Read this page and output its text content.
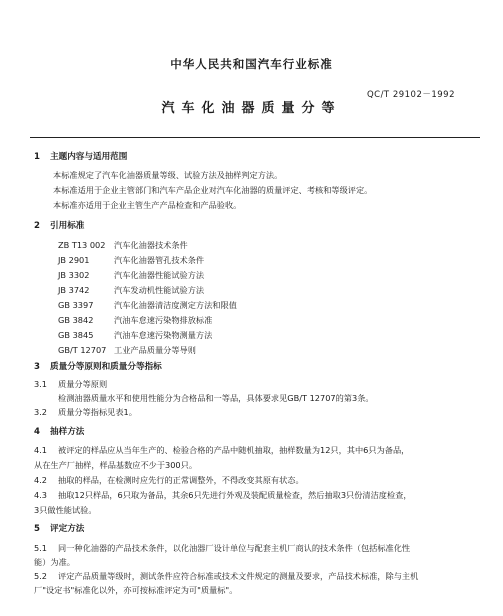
中华人民共和国汽车行业标准
QC/T 29102－1992
汽车化油器质量分等
1 主题内容与适用范围
本标准规定了汽车化油器质量等级、试验方法及抽样判定方法。
本标准适用于企业主管部门和汽车产品企业对汽车化油器的质量评定、考核和等级评定。
本标准亦适用于企业主管生产产品检查和产品验收。
2 引用标准
ZB T13 002 汽车化油器技术条件
JB 2901	汽车化油器管孔技术条件
JB 3302	汽车化油器性能试验方法
JB 3742	汽车发动机性能试验方法
GB 3397	汽车化油器清洁度测定方法和限值
GB 3842	汽油车怠速污染物排放标准
GB 3845	汽油车怠速污染物测量方法
GB/T 12707 工业产品质量分等导则
3 质量分等原则和质量分等指标
3.1 质量分等原则
检测油器质量水平和使用性能分为合格品和一等品，具体要求见GB/T 12707的第3条。
3.2 质量分等指标见表1。
4 抽样方法
4.1 被评定的样品应从当年生产的、检验合格的产品中随机抽取，抽样数量为12只，其中6只为备品，
从在生产厂抽样，样品基数应不少于300只。
4.2 抽取的样品，在检测时应先行的正常调整外，不得改变其原有状态。
4.3 抽取12只样品，6只取为备品，其余6只先进行外观及装配质量检查，然后抽取3只份清洁度检查，
3只做性能试验。
5 评定方法
5.1 同一种化油器的产品技术条件，以化油器厂设计单位与配套主机厂商认的技术条件（包括标准化性
能）为准。
5.2 评定产品质量等级时，测试条件应符合标准或技术文件规定的测量及要求，产品技术标准，除与主机
厂"设定书"标准化以外，亦可按标准评定为可"质量标"。
